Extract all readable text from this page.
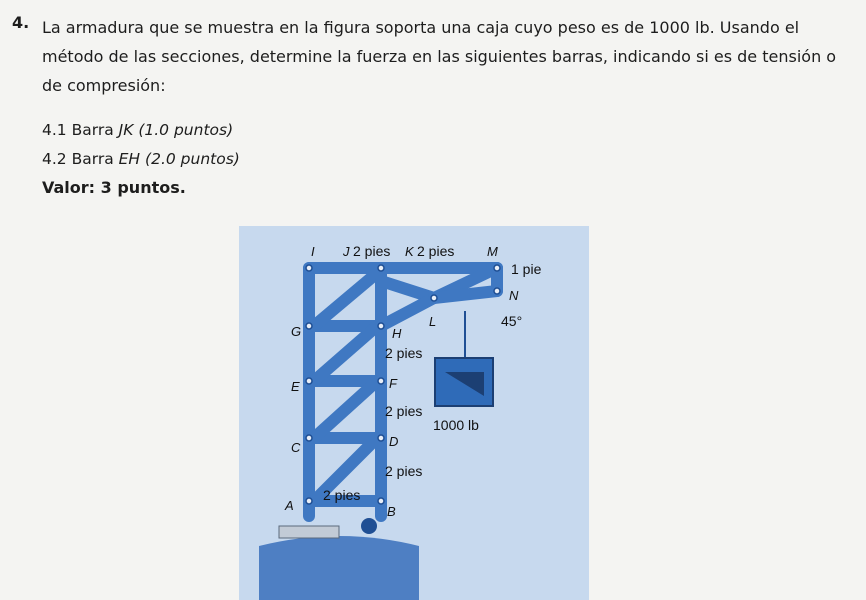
4. La armadura que se muestra en la figura soporta una caja cuyo peso es de 1000 lb. Usando el método de las secciones, determine la fuerza en las siguientes barras, indicando si es de tensión o de compresión:
4.1 Barra JK (1.0 puntos)
4.2 Barra EH (2.0 puntos)
Valor: 3 puntos.
I J 2 pies K 2 pies	M
1 pie
N
45°
G	H
L
2 pies
E	F
2 pies
1000 lb
C	D
2 pies
A
2 pies
B
